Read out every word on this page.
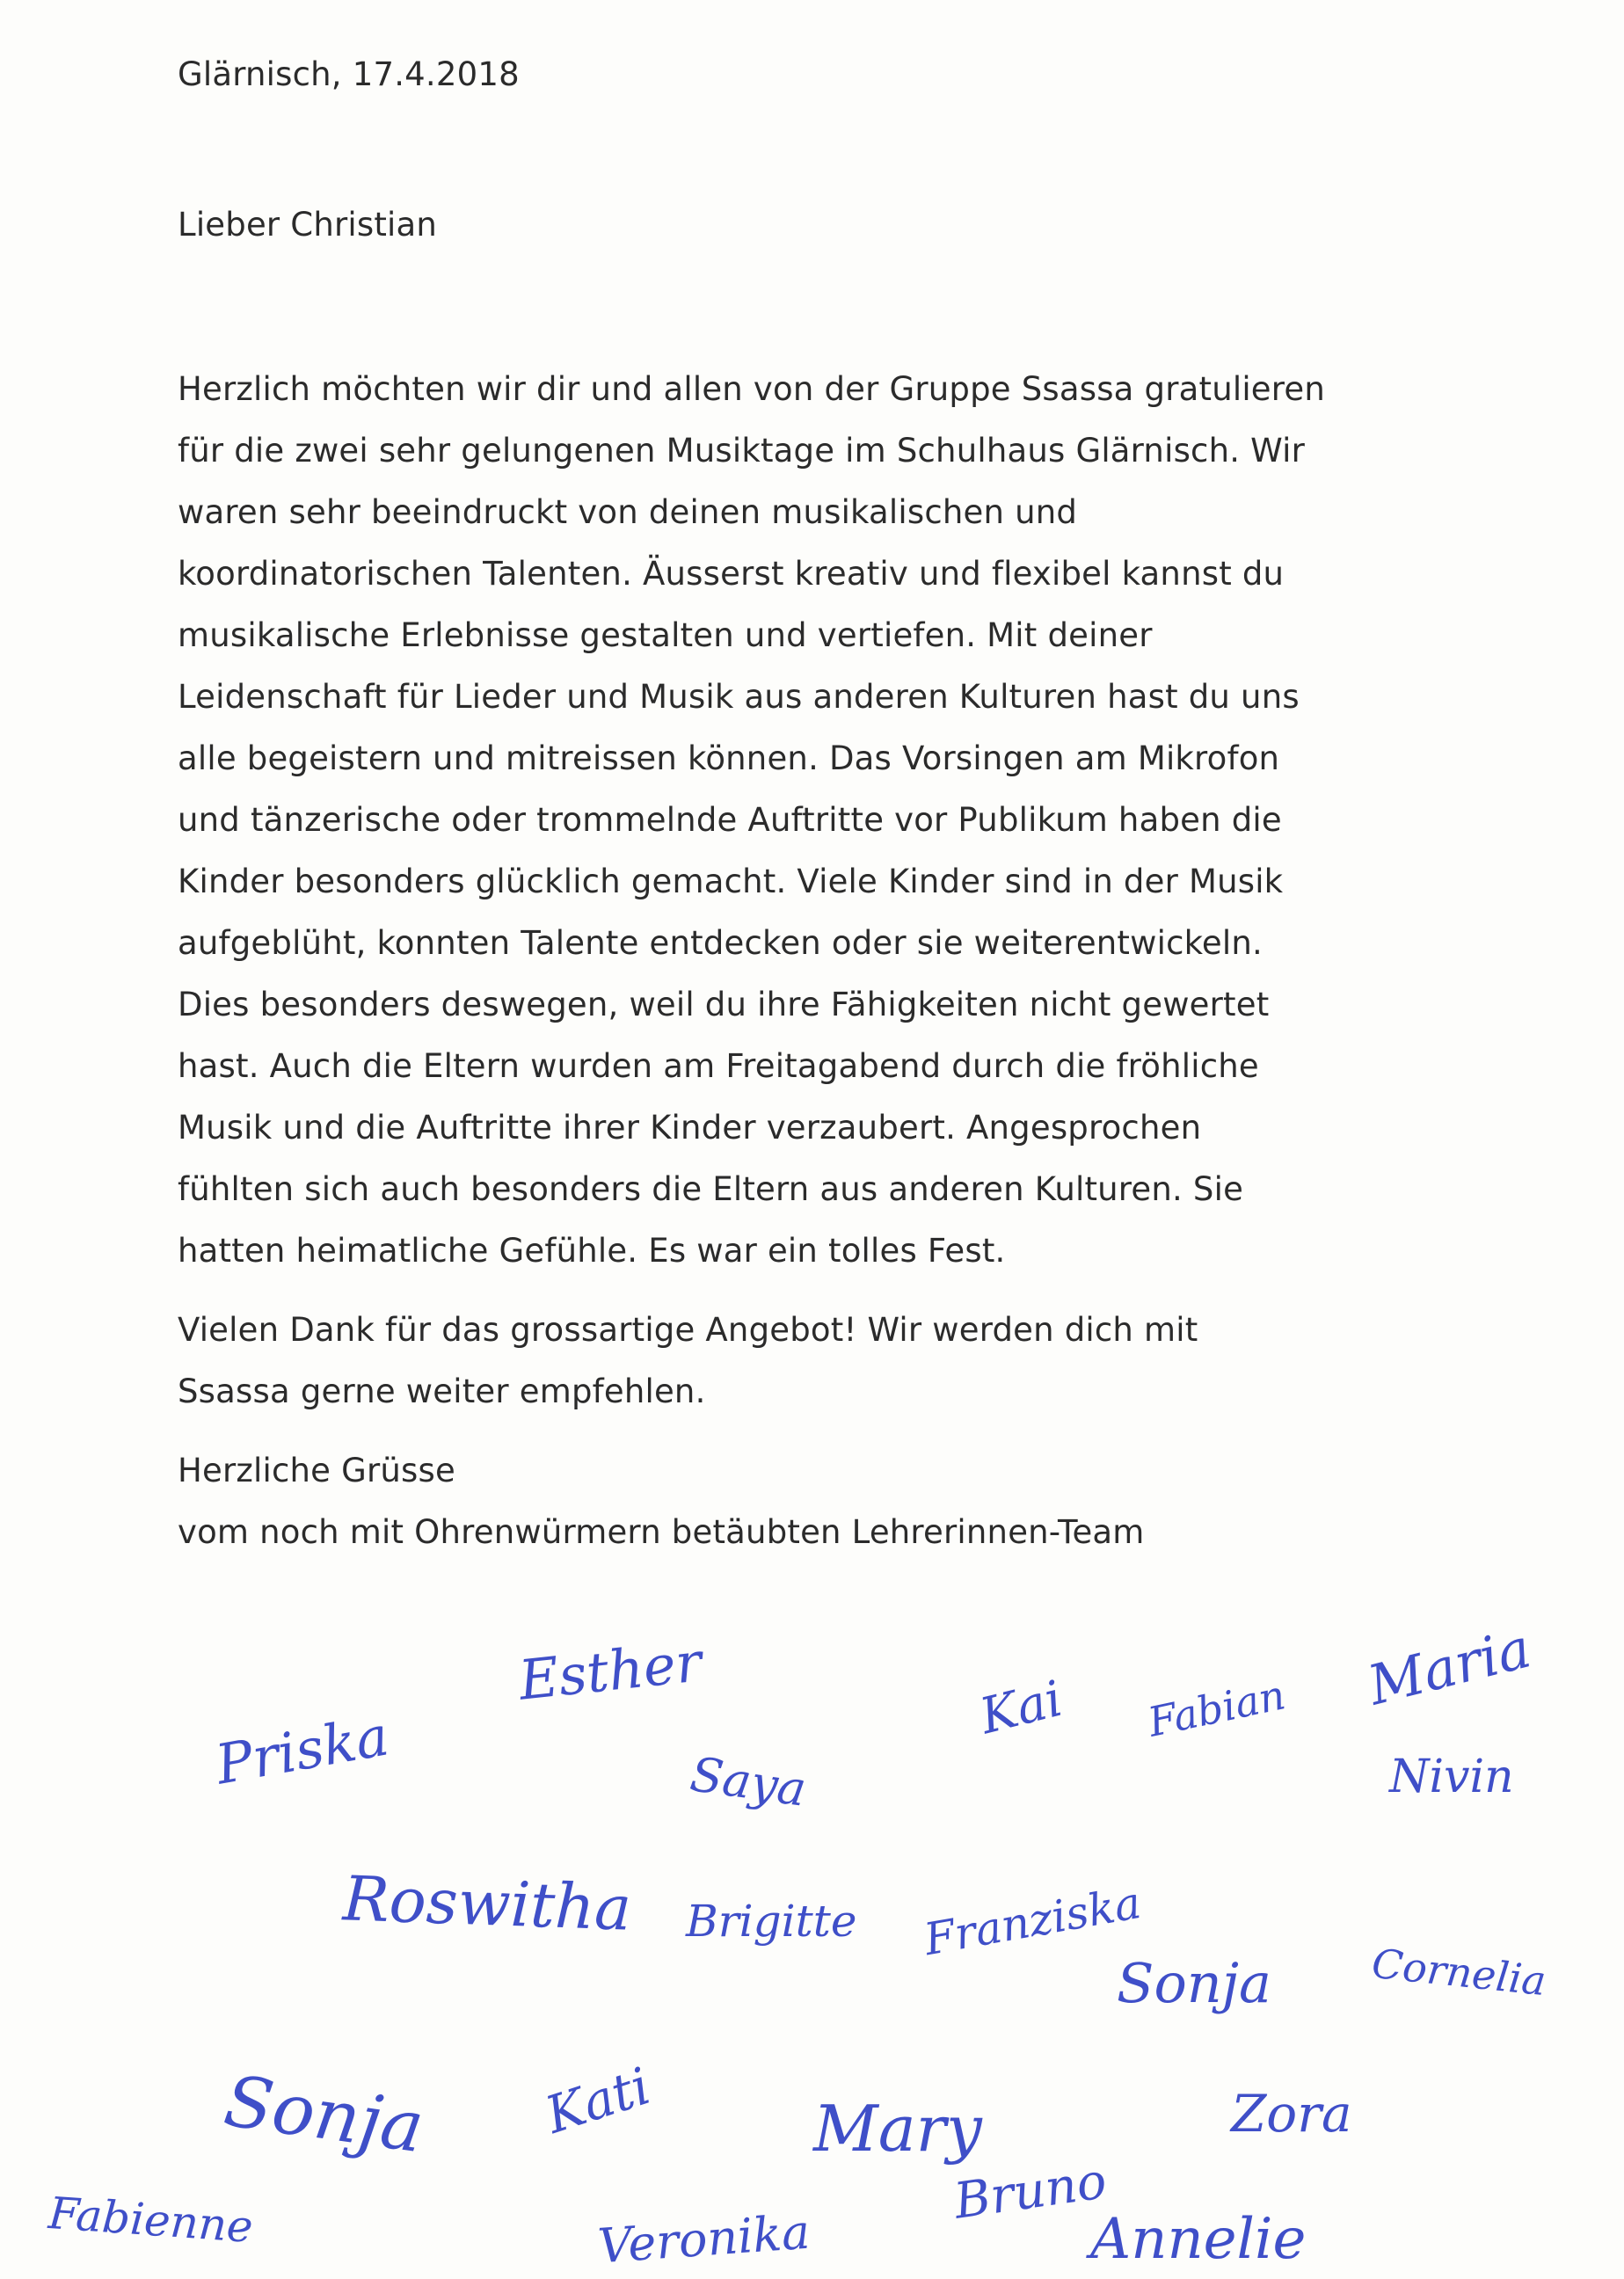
Glärnisch, 17.4.2018

Lieber Christian

Herzlich möchten wir dir und allen von der Gruppe Ssassa gratulieren
für die zwei sehr gelungenen Musiktage im Schulhaus Glärnisch. Wir
waren sehr beeindruckt von deinen musikalischen und
koordinatorischen Talenten. Äusserst kreativ und flexibel kannst du
musikalische Erlebnisse gestalten und vertiefen. Mit deiner
Leidenschaft für Lieder und Musik aus anderen Kulturen hast du uns
alle begeistern und mitreissen können. Das Vorsingen am Mikrofon
und tänzerische oder trommelnde Auftritte vor Publikum haben die
Kinder besonders glücklich gemacht. Viele Kinder sind in der Musik
aufgeblüht, konnten Talente entdecken oder sie weiterentwickeln.
Dies besonders deswegen, weil du ihre Fähigkeiten nicht gewertet
hast. Auch die Eltern wurden am Freitagabend durch die fröhliche
Musik und die Auftritte ihrer Kinder verzaubert. Angesprochen
fühlten sich auch besonders die Eltern aus anderen Kulturen. Sie
hatten heimatliche Gefühle. Es war ein tolles Fest.

Vielen Dank für das grossartige Angebot! Wir werden dich mit
Ssassa gerne weiter empfehlen.

Herzliche Grüsse
vom noch mit Ohrenwürmern betäubten Lehrerinnen-Team

Priska
Esther	Kai Fabian Maria
Saya	Nivin
Roswitha Brigitte Franziska
Sonja Cornelia
Sonja Kati Mary	Zora
Bruno
Fabienne	Veronika	Annelie
